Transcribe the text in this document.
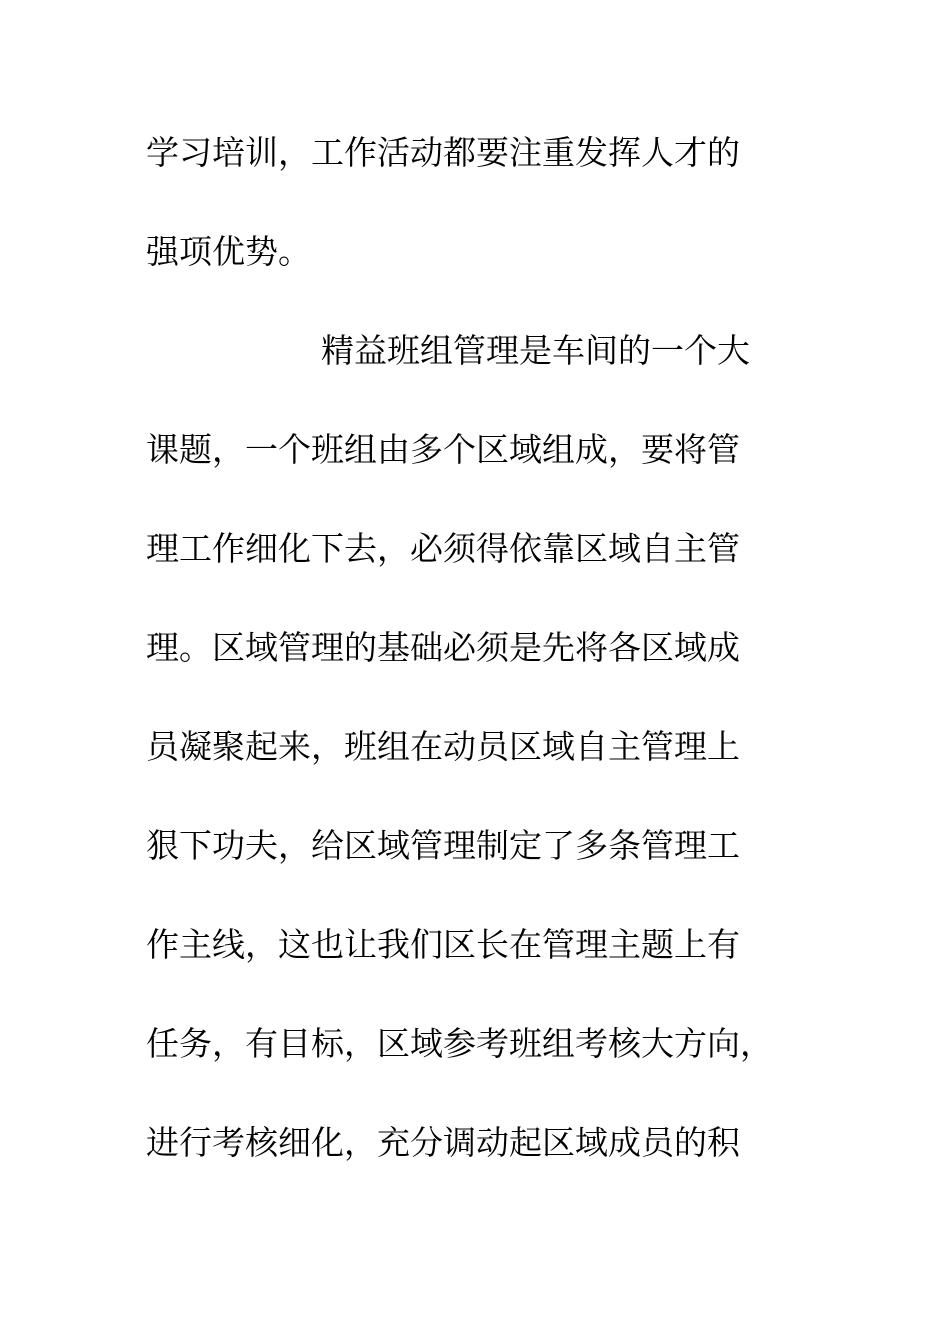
学习培训，工作活动都要注重发挥人才的
强项优势。
精益班组管理是车间的一个大
课题，一个班组由多个区域组成，要将管
理工作细化下去，必须得依靠区域自主管
理。区域管理的基础必须是先将各区域成
员凝聚起来，班组在动员区域自主管理上
狠下功夫，给区域管理制定了多条管理工
作主线，这也让我们区长在管理主题上有
任务，有目标，区域参考班组考核大方向，
进行考核细化，充分调动起区域成员的积
